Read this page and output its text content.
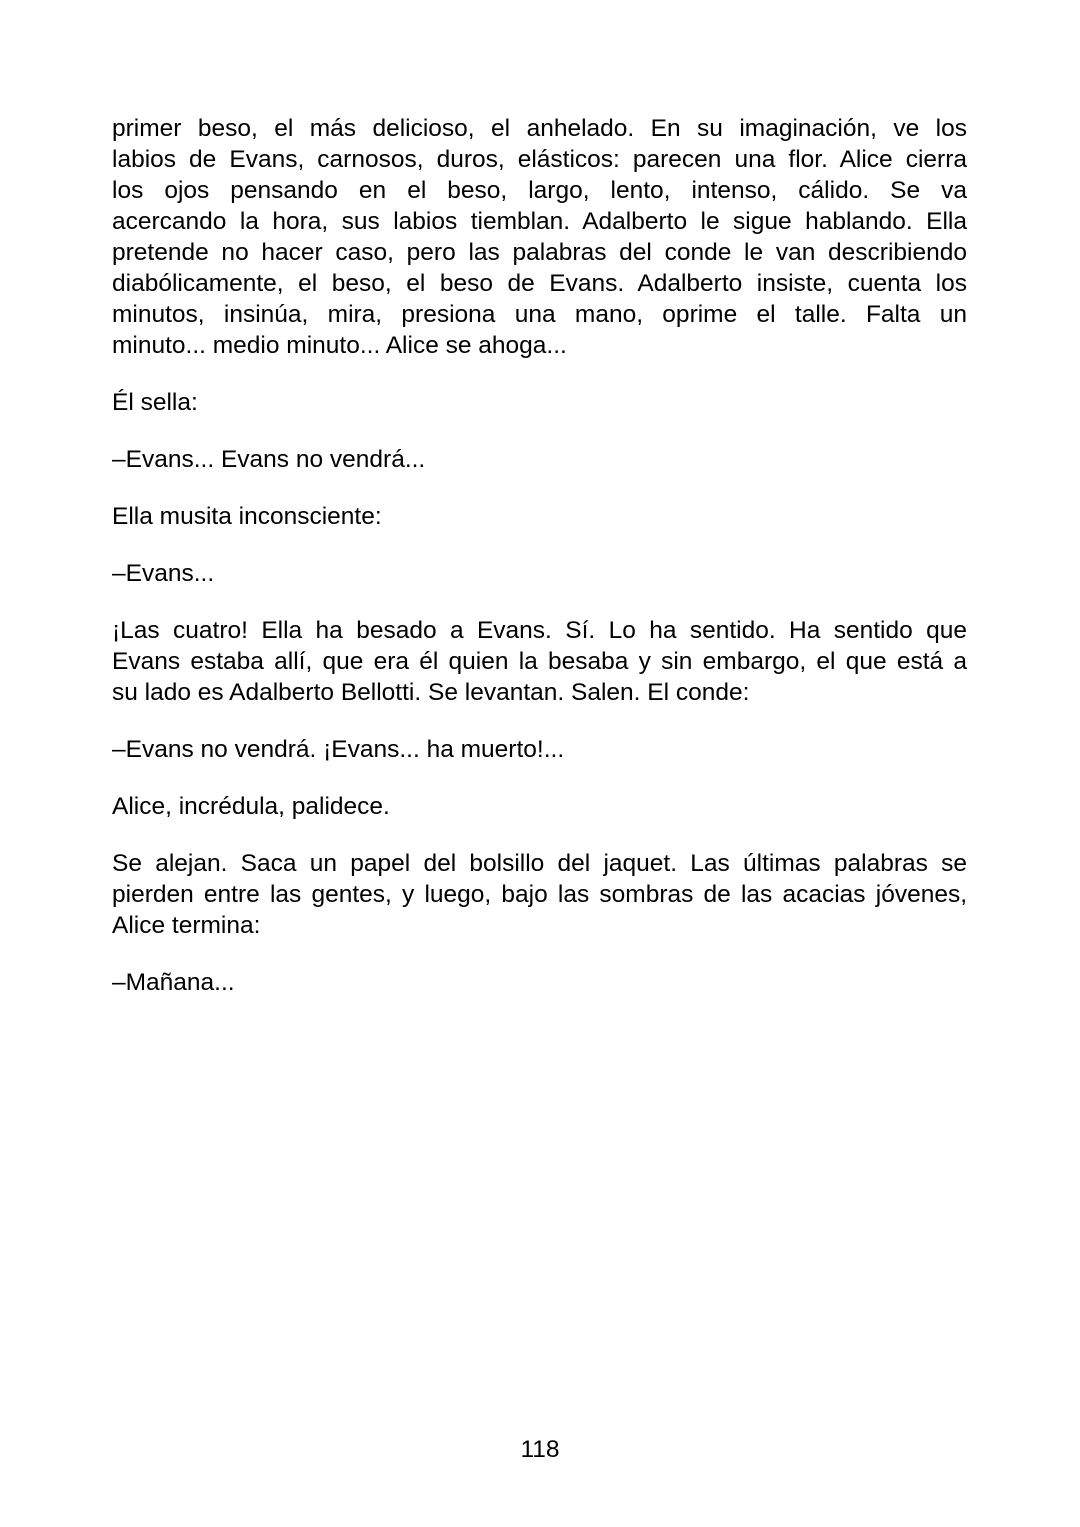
primer beso, el más delicioso, el anhelado. En su imaginación, ve los
labios de Evans, carnosos, duros, elásticos: parecen una flor. Alice cierra
los ojos pensando en el beso, largo, lento, intenso, cálido. Se va
acercando la hora, sus labios tiemblan. Adalberto le sigue hablando. Ella
pretende no hacer caso, pero las palabras del conde le van describiendo
diabólicamente, el beso, el beso de Evans. Adalberto insiste, cuenta los
minutos, insinúa, mira, presiona una mano, oprime el talle. Falta un
minuto... medio minuto... Alice se ahoga...

Él sella:

–Evans... Evans no vendrá...

Ella musita inconsciente:

–Evans...

¡Las cuatro! Ella ha besado a Evans. Sí. Lo ha sentido. Ha sentido que
Evans estaba allí, que era él quien la besaba y sin embargo, el que está a
su lado es Adalberto Bellotti. Se levantan. Salen. El conde:

–Evans no vendrá. ¡Evans... ha muerto!...

Alice, incrédula, palidece.

Se alejan. Saca un papel del bolsillo del jaquet. Las últimas palabras se
pierden entre las gentes, y luego, bajo las sombras de las acacias jóvenes,
Alice termina:

–Mañana...

118
